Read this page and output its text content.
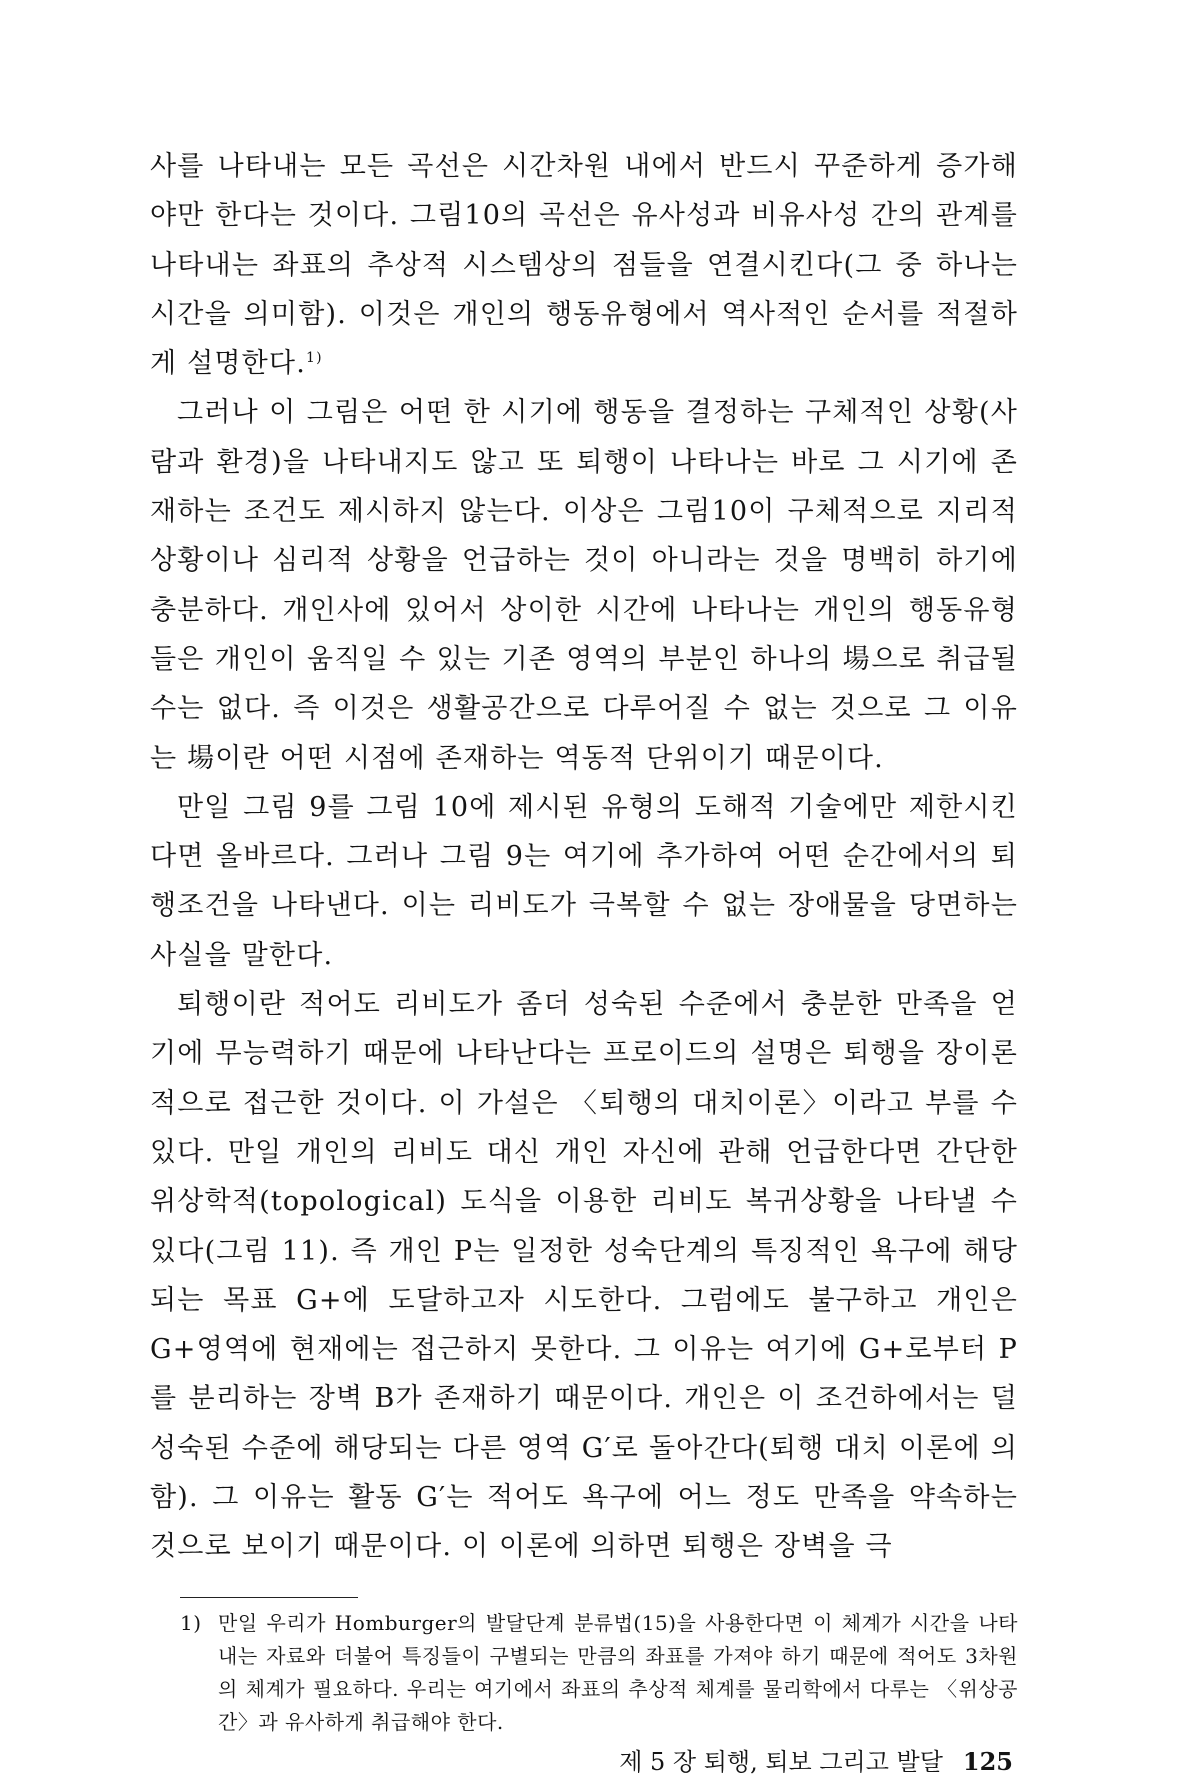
사를 나타내는 모든 곡선은 시간차원 내에서 반드시 꾸준하게 증가해야만 한다는 것이다. 그림10의 곡선은 유사성과 비유사성 간의 관계를 나타내는 좌표의 추상적 시스템상의 점들을 연결시킨다(그 중 하나는 시간을 의미함). 이것은 개인의 행동유형에서 역사적인 순서를 적절하게 설명한다.$^{1)}$

그러나 이 그림은 어떤 한 시기에 행동을 결정하는 구체적인 상황(사람과 환경)을 나타내지도 않고 또 퇴행이 나타나는 바로 그 시기에 존재하는 조건도 제시하지 않는다. 이상은 그림10이 구체적으로 지리적 상황이나 심리적 상황을 언급하는 것이 아니라는 것을 명백히 하기에 충분하다. 개인사에 있어서 상이한 시간에 나타나는 개인의 행동유형들은 개인이 움직일 수 있는 기존 영역의 부분인 하나의 場으로 취급될 수는 없다. 즉 이것은 생활공간으로 다루어질 수 없는 것으로 그 이유는 場이란 어떤 시점에 존재하는 역동적 단위이기 때문이다.

만일 그림 9를 그림 10에 제시된 유형의 도해적 기술에만 제한시킨다면 올바르다. 그러나 그림 9는 여기에 추가하여 어떤 순간에서의 퇴행조건을 나타낸다. 이는 리비도가 극복할 수 없는 장애물을 당면하는 사실을 말한다.

퇴행이란 적어도 리비도가 좀더 성숙된 수준에서 충분한 만족을 얻기에 무능력하기 때문에 나타난다는 프로이드의 설명은 퇴행을 장이론적으로 접근한 것이다. 이 가설은 〈퇴행의 대치이론〉이라고 부를 수 있다. 만일 개인의 리비도 대신 개인 자신에 관해 언급한다면 간단한 위상학적(topological) 도식을 이용한 리비도 복귀상황을 나타낼 수 있다(그림 11). 즉 개인 P는 일정한 성숙단계의 특징적인 욕구에 해당되는 목표 G+에 도달하고자 시도한다. 그럼에도 불구하고 개인은 G+영역에 현재에는 접근하지 못한다. 그 이유는 여기에 G+로부터 P를 분리하는 장벽 B가 존재하기 때문이다. 개인은 이 조건하에서는 덜 성숙된 수준에 해당되는 다른 영역 G′로 돌아간다(퇴행 대치 이론에 의함). 그 이유는 활동 G′는 적어도 욕구에 어느 정도 만족을 약속하는 것으로 보이기 때문이다. 이 이론에 의하면 퇴행은 장벽을 극

1) 만일 우리가 Homburger의 발달단계 분류법(15)을 사용한다면 이 체계가 시간을 나타내는 자료와 더불어 특징들이 구별되는 만큼의 좌표를 가져야 하기 때문에 적어도 3차원의 체계가 필요하다. 우리는 여기에서 좌표의 추상적 체계를 물리학에서 다루는 〈위상공간〉과 유사하게 취급해야 한다.
제 5 장 퇴행, 퇴보 그리고 발달 125
